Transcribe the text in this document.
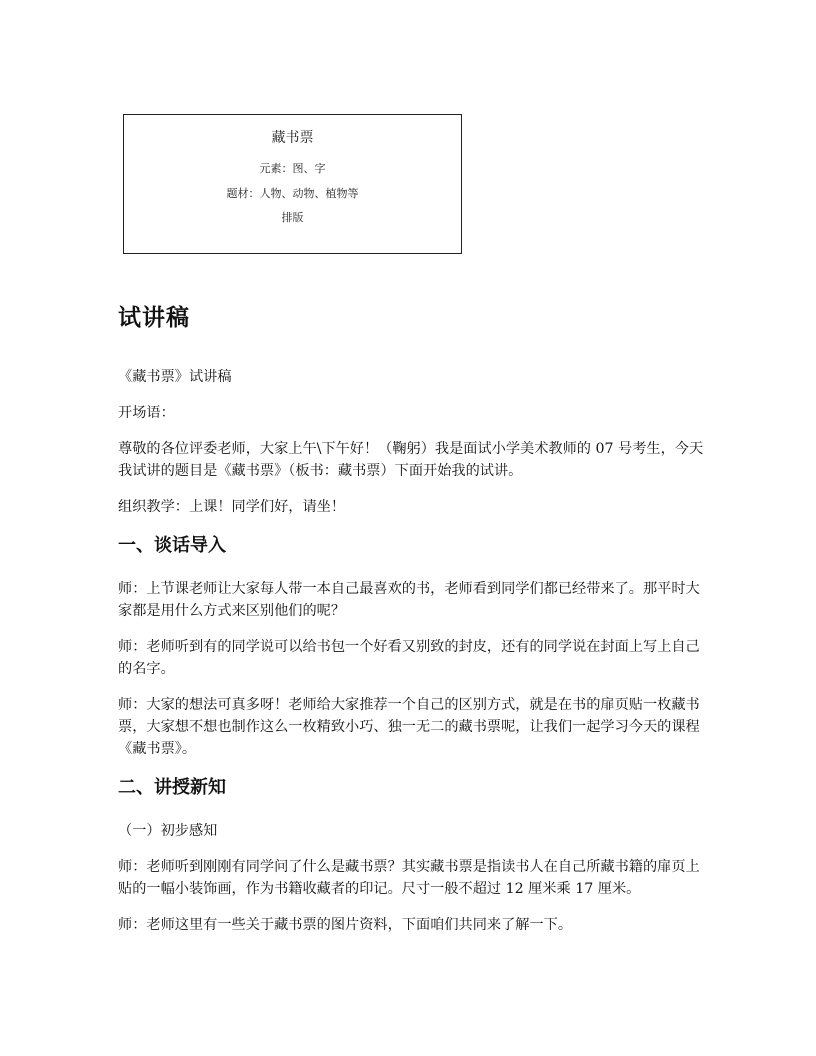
藏书票
元素：图、字
题材：人物、动物、植物等
排版
试讲稿

《藏书票》试讲稿

开场语：

尊敬的各位评委老师，大家上午\下午好！（鞠躬）我是面试小学美术教师的 07 号考生，今天我试讲的题目是《藏书票》（板书：藏书票）下面开始我的试讲。

组织教学：上课！同学们好，请坐！

一、谈话导入

师：上节课老师让大家每人带一本自己最喜欢的书，老师看到同学们都已经带来了。那平时大家都是用什么方式来区别他们的呢？

师：老师听到有的同学说可以给书包一个好看又别致的封皮，还有的同学说在封面上写上自己的名字。

师：大家的想法可真多呀！老师给大家推荐一个自己的区别方式，就是在书的扉页贴一枚藏书票，大家想不想也制作这么一枚精致小巧、独一无二的藏书票呢，让我们一起学习今天的课程《藏书票》。

二、讲授新知

（一）初步感知

师：老师听到刚刚有同学问了什么是藏书票？其实藏书票是指读书人在自己所藏书籍的扉页上贴的一幅小装饰画，作为书籍收藏者的印记。尺寸一般不超过 12 厘米乘 17 厘米。

师：老师这里有一些关于藏书票的图片资料，下面咱们共同来了解一下。
